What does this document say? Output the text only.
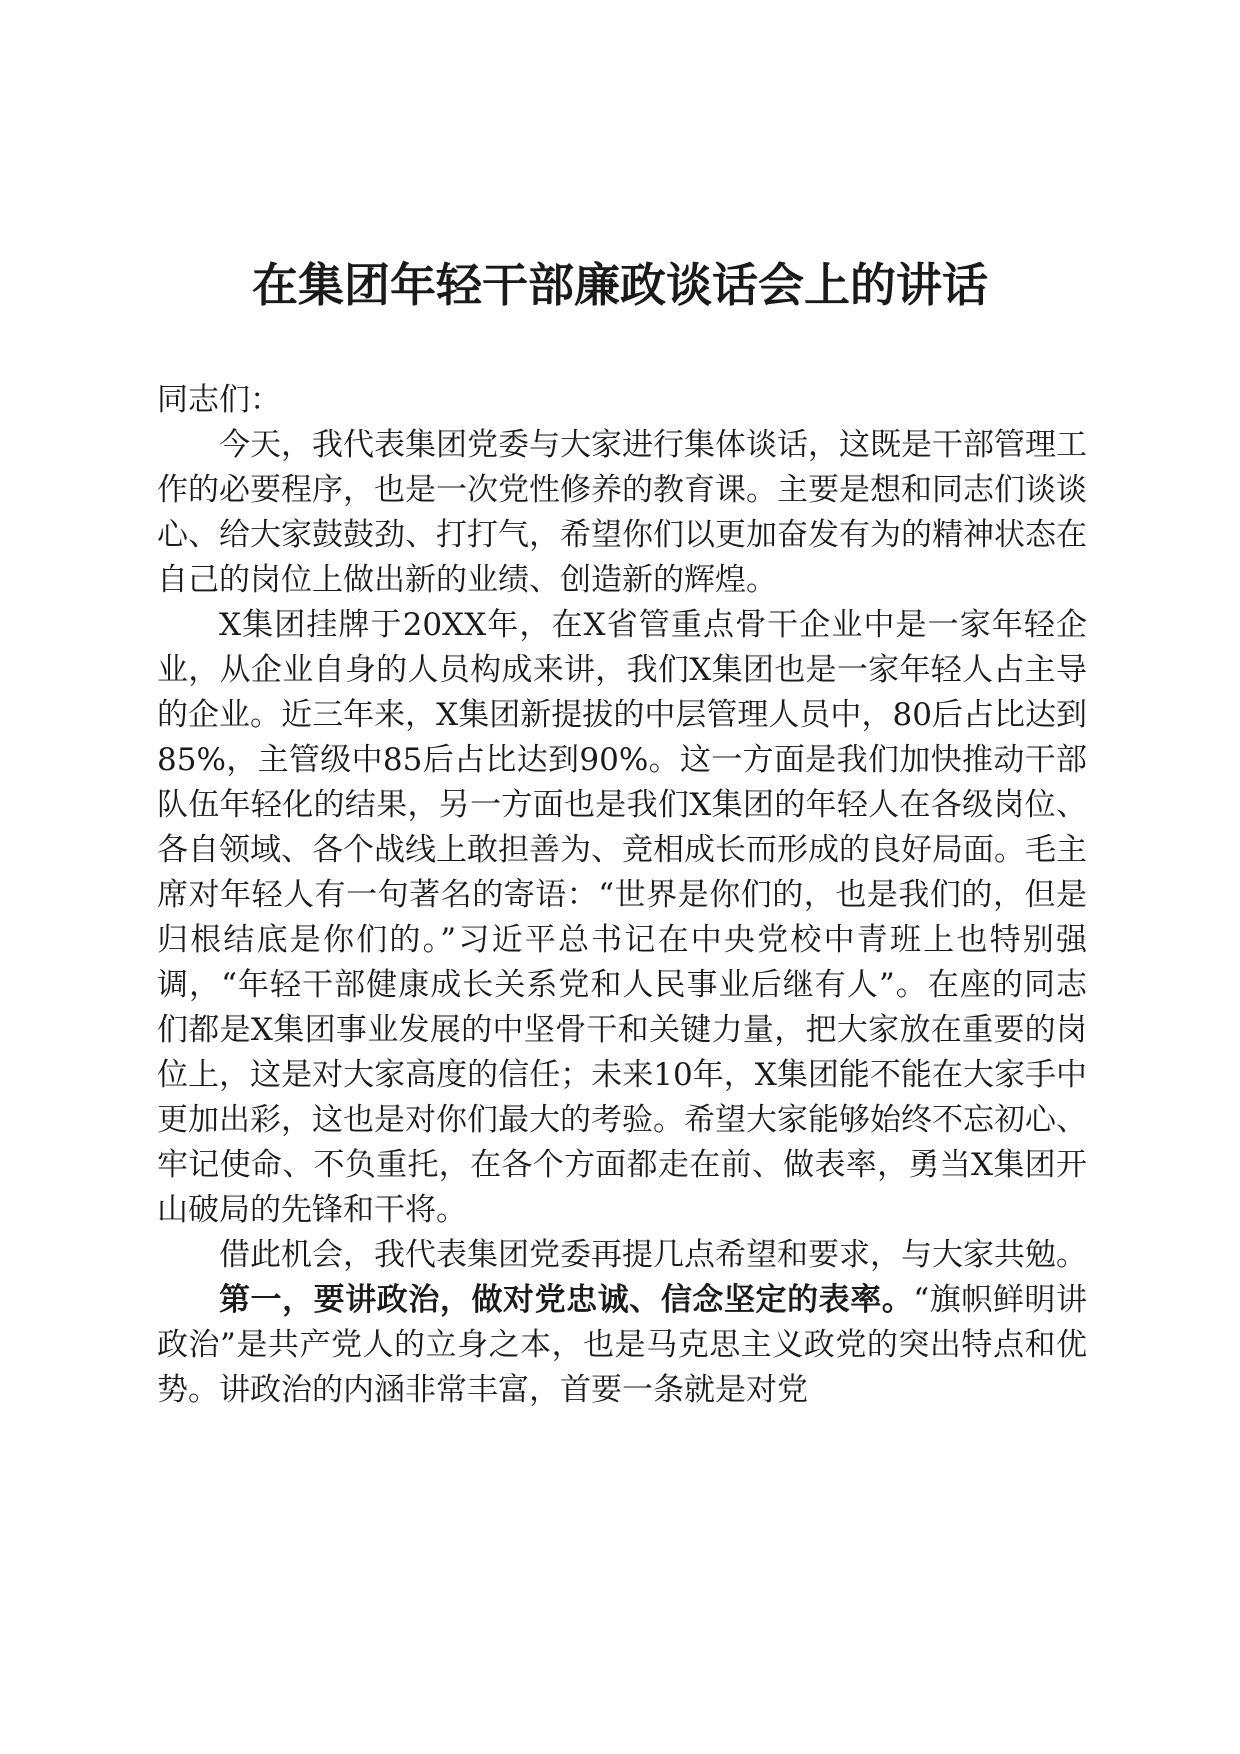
在集团年轻干部廉政谈话会上的讲话

同志们：

今天，我代表集团党委与大家进行集体谈话，这既是干部管理工作的必要程序，也是一次党性修养的教育课。主要是想和同志们谈谈心、给大家鼓鼓劲、打打气，希望你们以更加奋发有为的精神状态在自己的岗位上做出新的业绩、创造新的辉煌。

X集团挂牌于20XX年，在X省管重点骨干企业中是一家年轻企业，从企业自身的人员构成来讲，我们X集团也是一家年轻人占主导的企业。近三年来，X集团新提拔的中层管理人员中，80后占比达到85%，主管级中85后占比达到90%。这一方面是我们加快推动干部队伍年轻化的结果，另一方面也是我们X集团的年轻人在各级岗位、各自领域、各个战线上敢担善为、竞相成长而形成的良好局面。毛主席对年轻人有一句著名的寄语：“世界是你们的，也是我们的，但是归根结底是你们的。”习近平总书记在中央党校中青班上也特别强调，“年轻干部健康成长关系党和人民事业后继有人”。在座的同志们都是X集团事业发展的中坚骨干和关键力量，把大家放在重要的岗位上，这是对大家高度的信任；未来10年，X集团能不能在大家手中更加出彩，这也是对你们最大的考验。希望大家能够始终不忘初心、牢记使命、不负重托，在各个方面都走在前、做表率，勇当X集团开山破局的先锋和干将。

借此机会，我代表集团党委再提几点希望和要求，与大家共勉。

第一，要讲政治，做对党忠诚、信念坚定的表率。“旗帜鲜明讲政治”是共产党人的立身之本，也是马克思主义政党的突出特点和优势。讲政治的内涵非常丰富，首要一条就是对党
